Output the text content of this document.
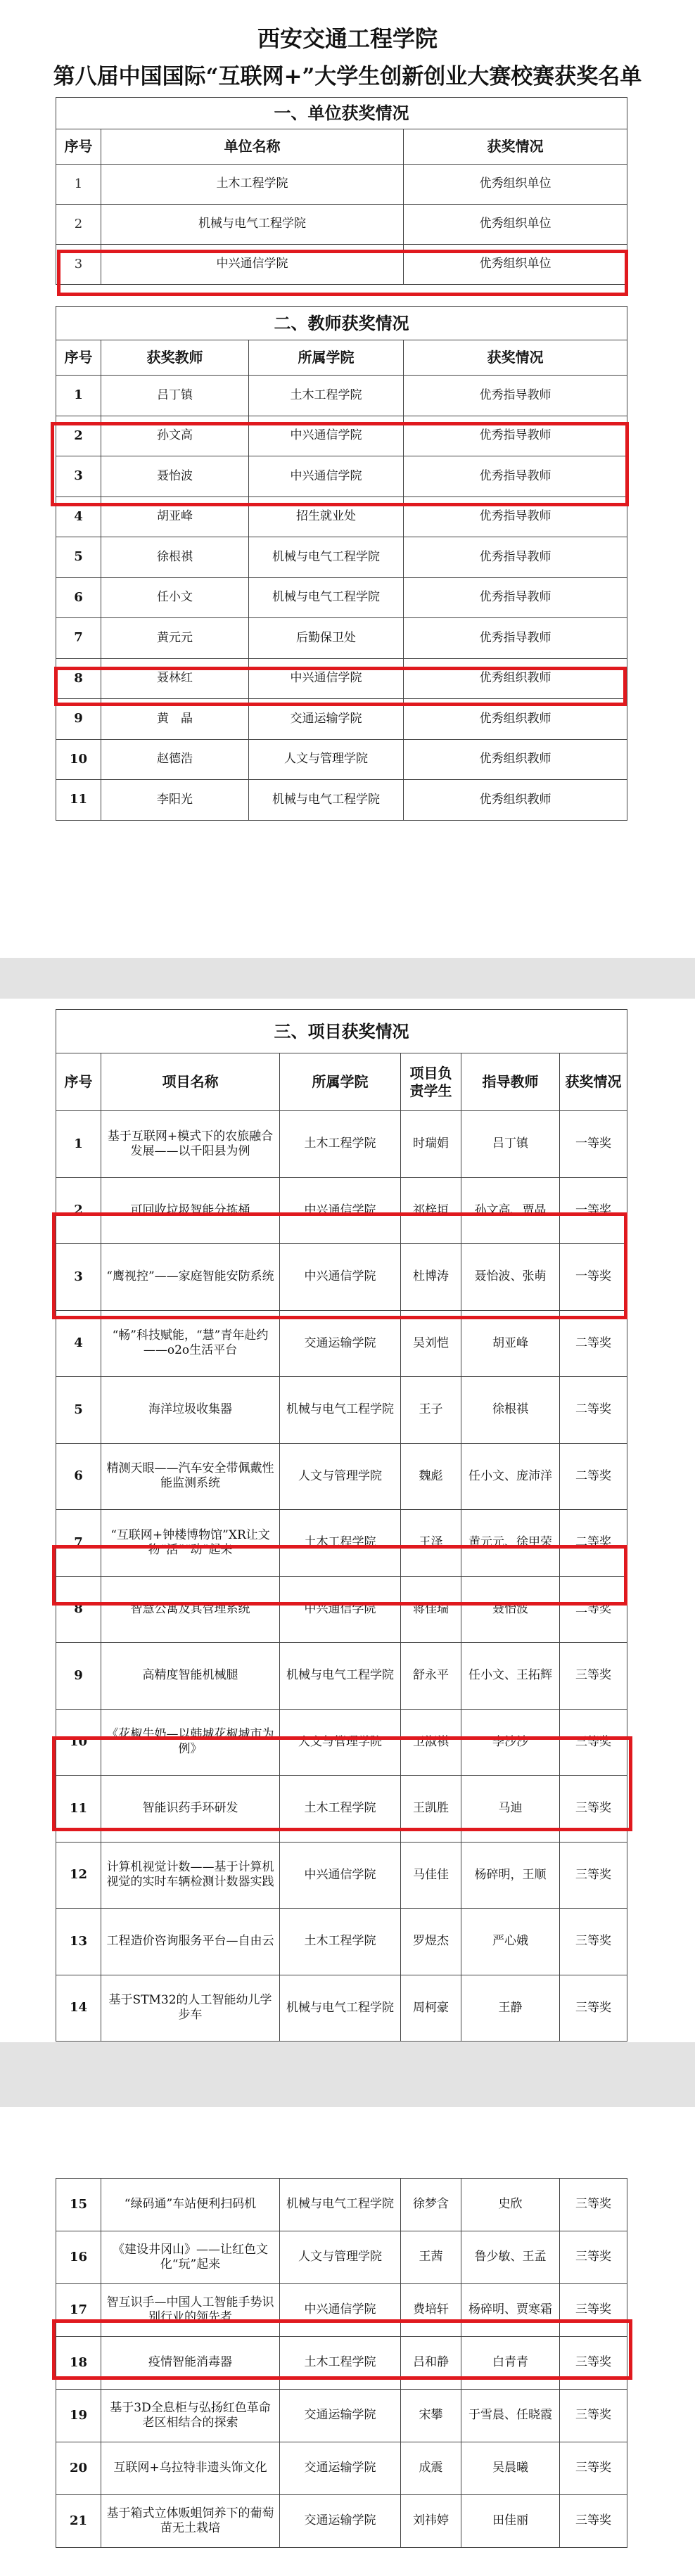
西安交通工程学院
第八届中国国际“互联网+”大学生创新创业大赛校赛获奖名单
一、单位获奖情况		
序号	单位名称	获奖情况
1	土木工程学院	优秀组织单位
2	机械与电气工程学院	优秀组织单位
3	中兴通信学院	优秀组织单位
二、教师获奖情况			
序号	获奖教师	所属学院	获奖情况
1	吕丁镇	土木工程学院	优秀指导教师
2	孙文高	中兴通信学院	优秀指导教师
3	聂怡波	中兴通信学院	优秀指导教师
4	胡亚峰	招生就业处	优秀指导教师
5	徐根祺	机械与电气工程学院	优秀指导教师
6	任小文	机械与电气工程学院	优秀指导教师
7	黄元元	后勤保卫处	优秀指导教师
8	聂林红	中兴通信学院	优秀组织教师
9	黄　晶	交通运输学院	优秀组织教师
10	赵德浩	人文与管理学院	优秀组织教师
11	李阳光	机械与电气工程学院	优秀组织教师
三、项目获奖情况					
序号	项目名称	所属学院	项目负责学生	指导教师	获奖情况
1	基于互联网+模式下的农旅融合发展——以千阳县为例	土木工程学院	时瑞娟	吕丁镇	一等奖
2	可回收垃圾智能分拣桶	中兴通信学院	祁梓垣	孙文高、贾晶	一等奖
3	“鹰视控”——家庭智能安防系统	中兴通信学院	杜博涛	聂怡波、张萌	一等奖
4	“畅”科技赋能，“慧”青年赴约——o2o生活平台	交通运输学院	吴刘恺	胡亚峰	二等奖
5	海洋垃圾收集器	机械与电气工程学院	王子	徐根祺	二等奖
6	精测天眼——汽车安全带佩戴性能监测系统	人文与管理学院	魏彪	任小文、庞沛洋	二等奖
7	“互联网+钟楼博物馆”XR让文物“活”“动”起来	土木工程学院	王泽	黄元元、徐甲荣	二等奖
8	智慧公寓及其管理系统	中兴通信学院	蒋佳瑞	聂怡波	二等奖
9	高精度智能机械腿	机械与电气工程学院	舒永平	任小文、王拓辉	三等奖
10	《花椒牛奶—以韩城花椒城市为例》	人文与管理学院	卫淑祺	李沙沙	三等奖
11	智能识药手环研发	土木工程学院	王凯胜	马迪	三等奖
12	计算机视觉计数——基于计算机视觉的实时车辆检测计数器实践	中兴通信学院	马佳佳	杨碎明，王顺	三等奖
13	工程造价咨询服务平台—自由云	土木工程学院	罗煜杰	严心娥	三等奖
14	基于STM32的人工智能幼儿学步车	机械与电气工程学院	周柯豪	王静	三等奖
15	“绿码通”车站便利扫码机	机械与电气工程学院	徐梦含	史欣	三等奖
16	《建设井冈山》——让红色文化“玩”起来	人文与管理学院	王茜	鲁少敏、王孟	三等奖
17	智互识手—中国人工智能手势识别行业的领先者	中兴通信学院	费培轩	杨碎明、贾寒霜	三等奖
18	疫情智能消毒器	土木工程学院	吕和静	白青青	三等奖
19	基于3D全息柜与弘扬红色革命老区相结合的探索	交通运输学院	宋攀	于雪晨、任晓霞	三等奖
20	互联网+乌拉特非遗头饰文化	交通运输学院	成震	吴晨曦	三等奖
21	基于箱式立体贩蛆饲养下的葡萄苗无土栽培	交通运输学院	刘祎婷	田佳丽	三等奖
